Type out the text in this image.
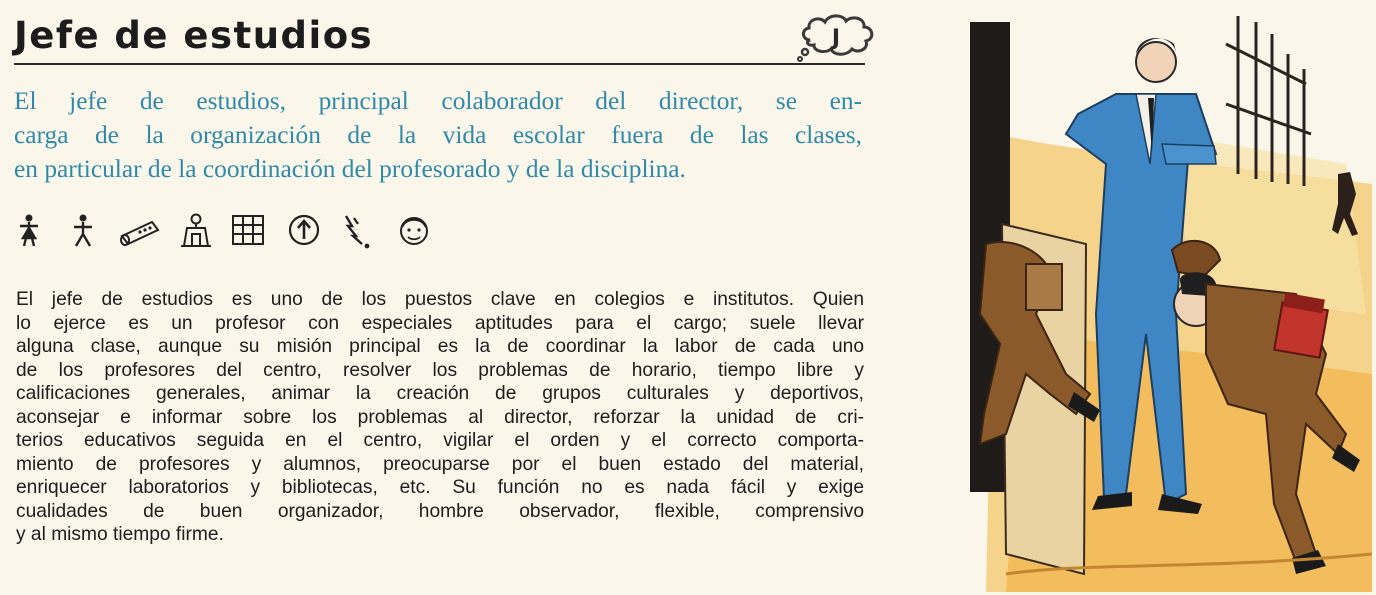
Jefe de estudios	J
El jefe de estudios, principal colaborador del director, se en-
carga de la organización de la vida escolar fuera de las clases,
en particular de la coordinación del profesorado y de la disciplina.
El jefe de estudios es uno de los puestos clave en colegios e institutos. Quien
lo ejerce es un profesor con especiales aptitudes para el cargo; suele llevar
alguna clase, aunque su misión principal es la de coordinar la labor de cada uno
de los profesores del centro, resolver los problemas de horario, tiempo libre y
calificaciones generales, animar la creación de grupos culturales y deportivos,
aconsejar e informar sobre los problemas al director, reforzar la unidad de cri-
terios educativos seguida en el centro, vigilar el orden y el correcto comporta-
miento de profesores y alumnos, preocuparse por el buen estado del material,
enriquecer laboratorios y bibliotecas, etc. Su función no es nada fácil y exige
cualidades de buen organizador, hombre observador, flexible, comprensivo
y al mismo tiempo firme.
